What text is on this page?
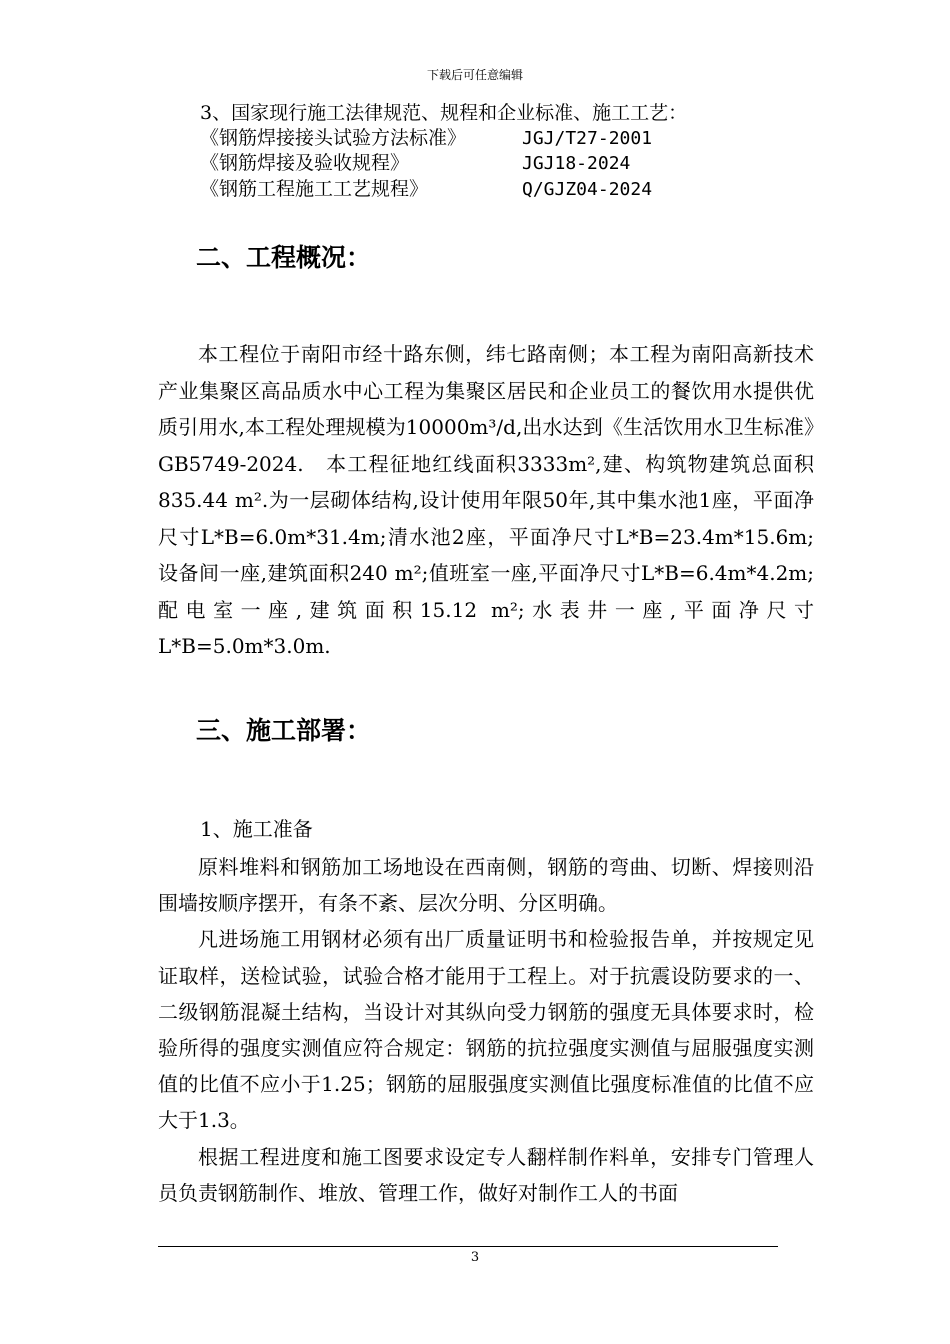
下载后可任意编辑
3、国家现行施工法律规范、规程和企业标准、施工工艺：
《钢筋焊接接头试验方法标准》	JGJ/T27-2001
《钢筋焊接及验收规程》	JGJ18-2024
《钢筋工程施工工艺规程》	Q/GJZ04-2024
二、工程概况：
本工程位于南阳市经十路东侧，纬七路南侧；本工程为南阳高新技术产业集聚区高品质水中心工程为集聚区居民和企业员工的餐饮用水提供优质引用水,本工程处理规模为10000m³/d,出水达到《生活饮用水卫生标准》GB5749-2024.　本工程征地红线面积3333m²,建、构筑物建筑总面积835.44 m².为一层砌体结构,设计使用年限50年,其中集水池1座，平面净尺寸L*B=6.0m*31.4m;清水池2座，平面净尺寸L*B=23.4m*15.6m;设备间一座,建筑面积240 m²;值班室一座,平面净尺寸L*B=6.4m*4.2m;配电室一座,建筑面积15.12 m²;水表井一座,平面净尺寸L*B=5.0m*3.0m.
三、施工部署：
1、施工准备

原料堆料和钢筋加工场地设在西南侧，钢筋的弯曲、切断、焊接则沿围墙按顺序摆开，有条不紊、层次分明、分区明确。

凡进场施工用钢材必须有出厂质量证明书和检验报告单，并按规定见证取样，送检试验，试验合格才能用于工程上。对于抗震设防要求的一、二级钢筋混凝土结构，当设计对其纵向受力钢筋的强度无具体要求时，检验所得的强度实测值应符合规定：钢筋的抗拉强度实测值与屈服强度实测值的比值不应小于1.25；钢筋的屈服强度实测值比强度标准值的比值不应大于1.3。

根据工程进度和施工图要求设定专人翻样制作料单，安排专门管理人员负责钢筋制作、堆放、管理工作，做好对制作工人的书面

3
